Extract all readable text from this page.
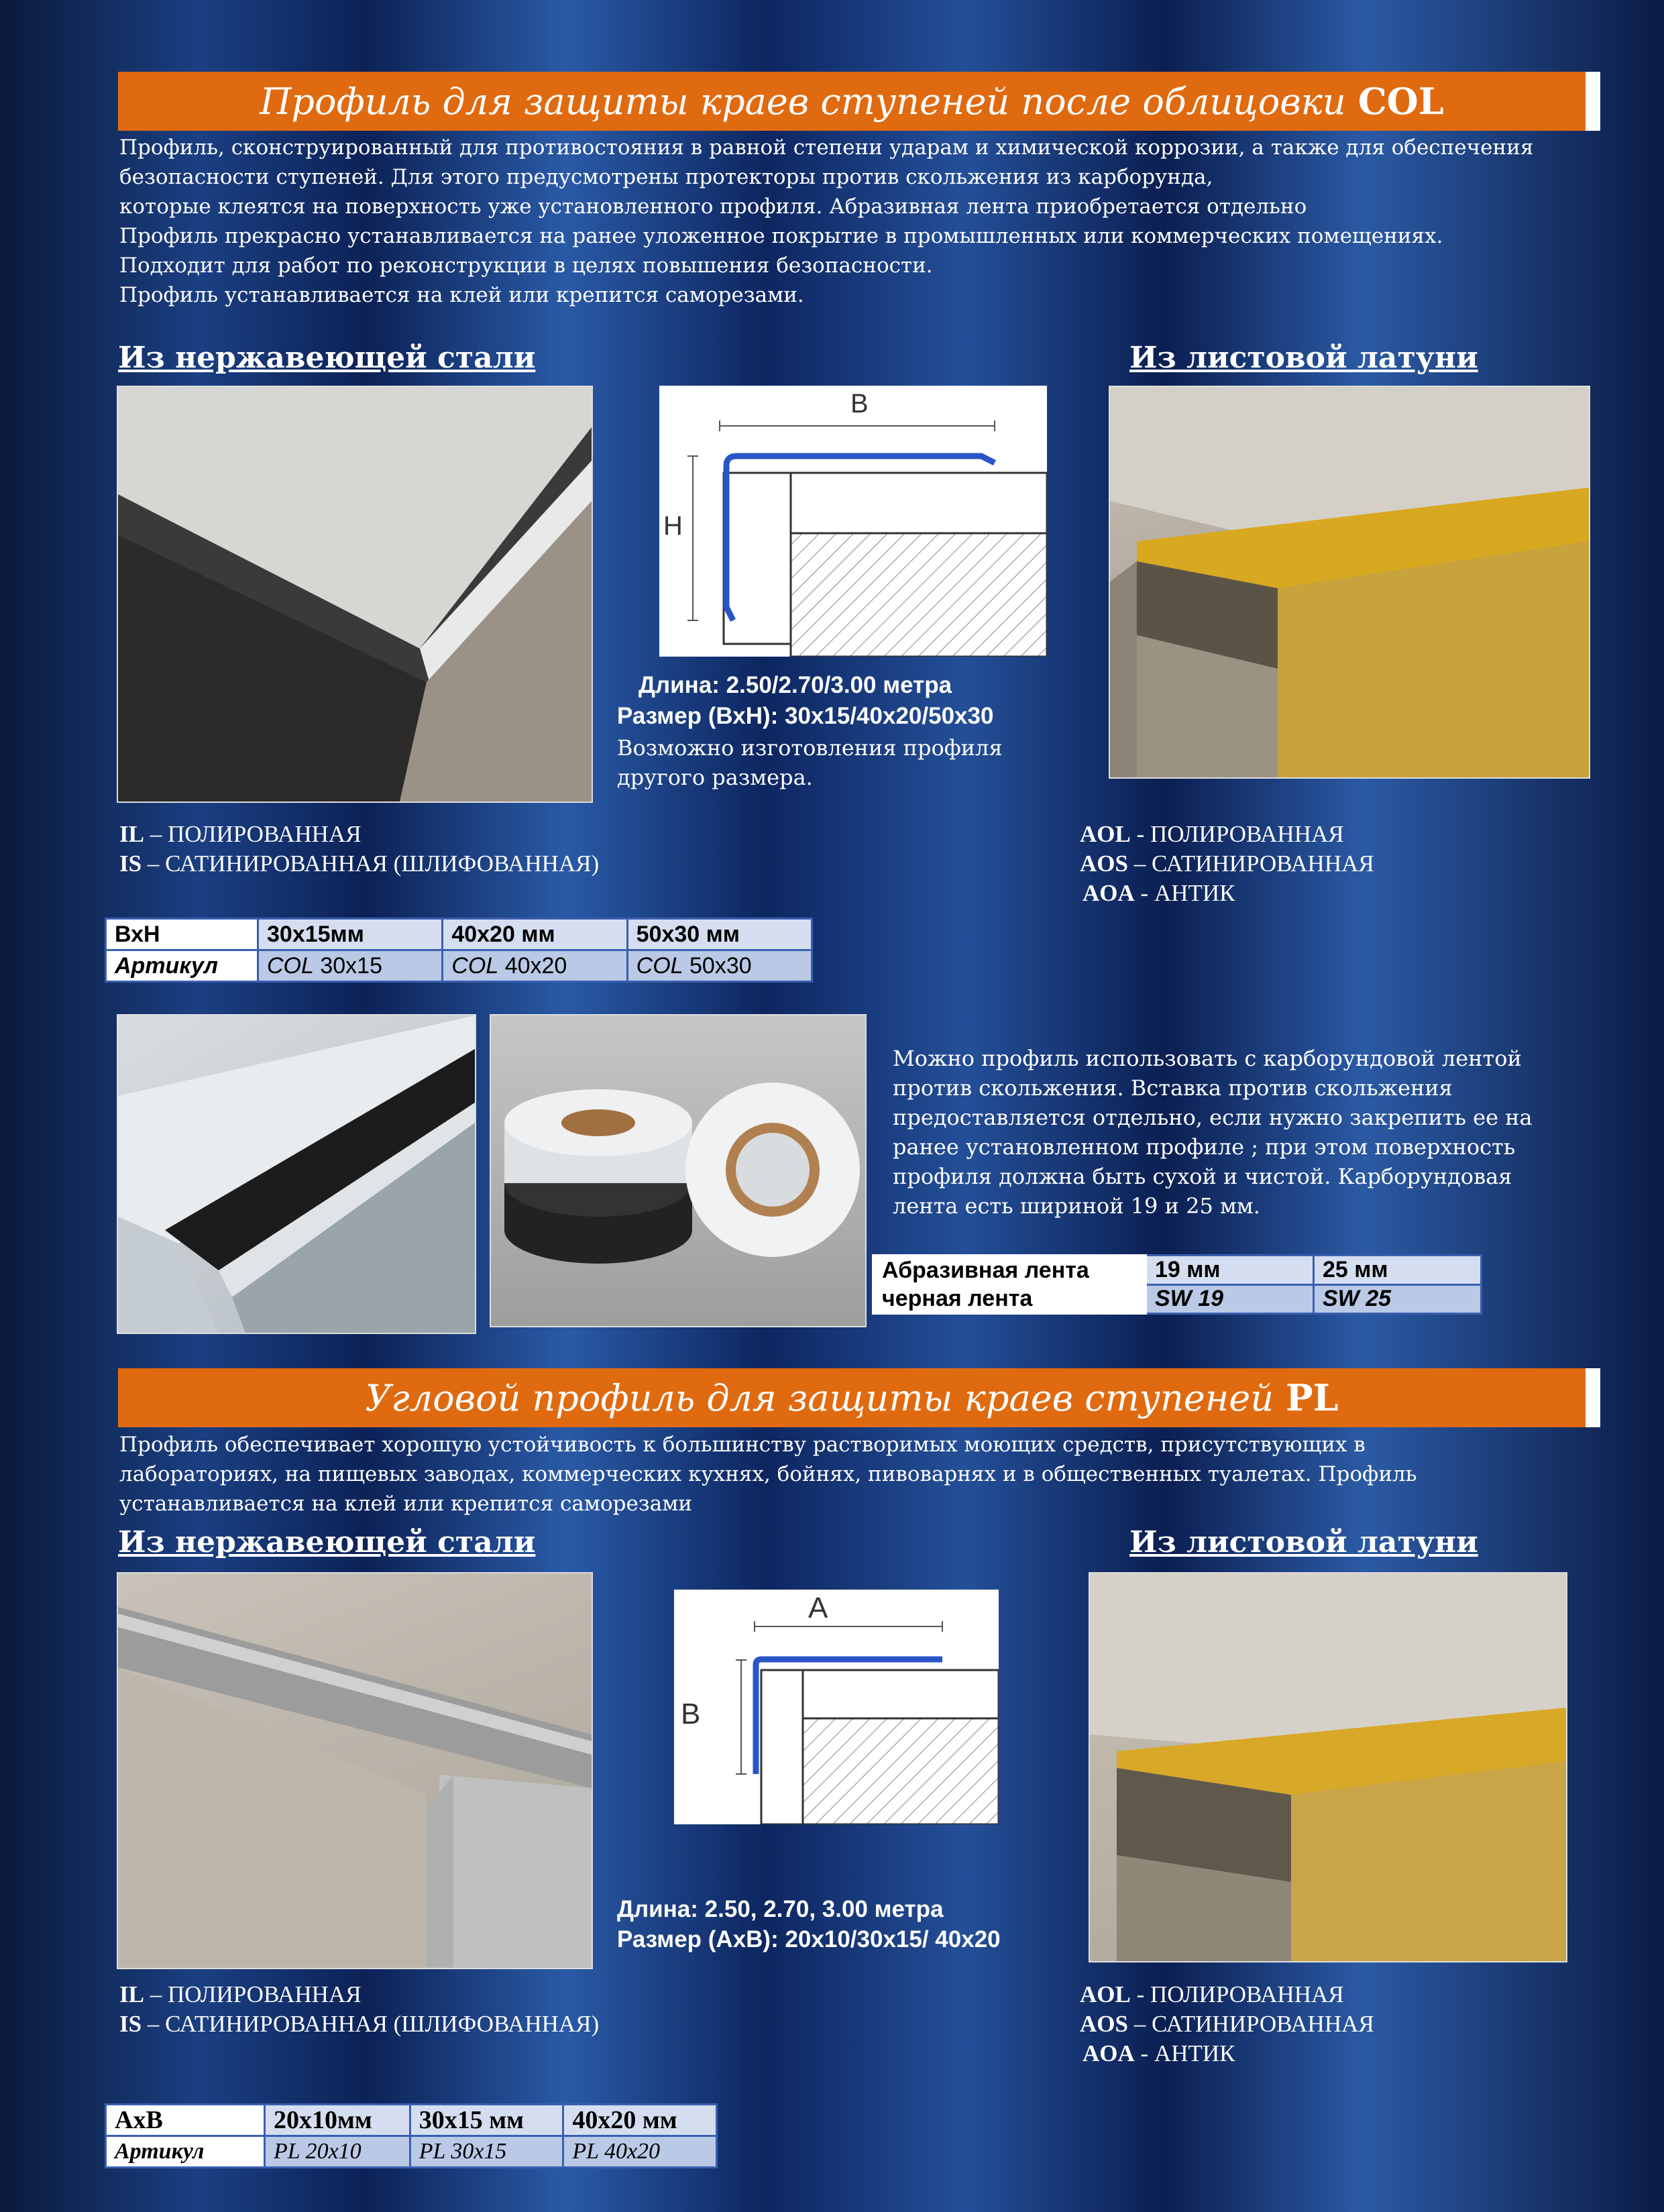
Профиль для защиты краев ступеней после облицовки COL
Профиль, сконструированный для противостояния в равной степени ударам и химической коррозии, а также для обеспечения
безопасности ступеней. Для этого предусмотрены протекторы против скольжения из карборунда,
которые клеятся на поверхность уже установленного профиля. Абразивная лента приобретается отдельно
Профиль прекрасно устанавливается на ранее уложенное покрытие в промышленных или коммерческих помещениях.
Подходит для работ по реконструкции в целях повышения безопасности.
Профиль устанавливается на клей или крепится саморезами.
Из нержавеющей стали	Из листовой латуни
B
H
Длина: 2.50/2.70/3.00 метра
Размер (ВхН): 30х15/40х20/50х30
Возможно изготовления профиля
другого размера.
IL – ПОЛИРОВАННАЯ
IS – САТИНИРОВАННАЯ (ШЛИФОВАННАЯ)
AOL - ПОЛИРОВАННАЯ
AOS – САТИНИРОВАННАЯ
AOA - АНТИК
ВхН	30х15мм	40х20 мм	50х30 мм
Артикул	COL 30x15	COL 40x20	COL 50x30
Можно профиль использовать с карборундовой лентой
против скольжения. Вставка против скольжения
предоставляется отдельно, если нужно закрепить ее на
ранее установленном профиле ; при этом поверхность
профиля должна быть сухой и чистой. Карборундовая
лента есть шириной 19 и 25 мм.
Абразивная лента
черная лента	19 мм	25 мм
	SW 19	SW 25
Угловой профиль для защиты краев ступеней PL
Профиль обеспечивает хорошую устойчивость к большинству растворимых моющих средств, присутствующих в
лабораториях, на пищевых заводах, коммерческих кухнях, бойнях, пивоварнях и в общественных туалетах. Профиль
устанавливается на клей или крепится саморезами
Из нержавеющей стали	Из листовой латуни
A
B
Длина: 2.50, 2.70, 3.00 метра
Размер (AxB): 20x10/30x15/ 40x20
IL – ПОЛИРОВАННАЯ
IS – САТИНИРОВАННАЯ (ШЛИФОВАННАЯ)
AOL - ПОЛИРОВАННАЯ
AOS – САТИНИРОВАННАЯ
AOA - АНТИК
АхВ	20х10мм	30х15 мм	40х20 мм
Артикул	PL 20x10	PL 30x15	PL 40x20
